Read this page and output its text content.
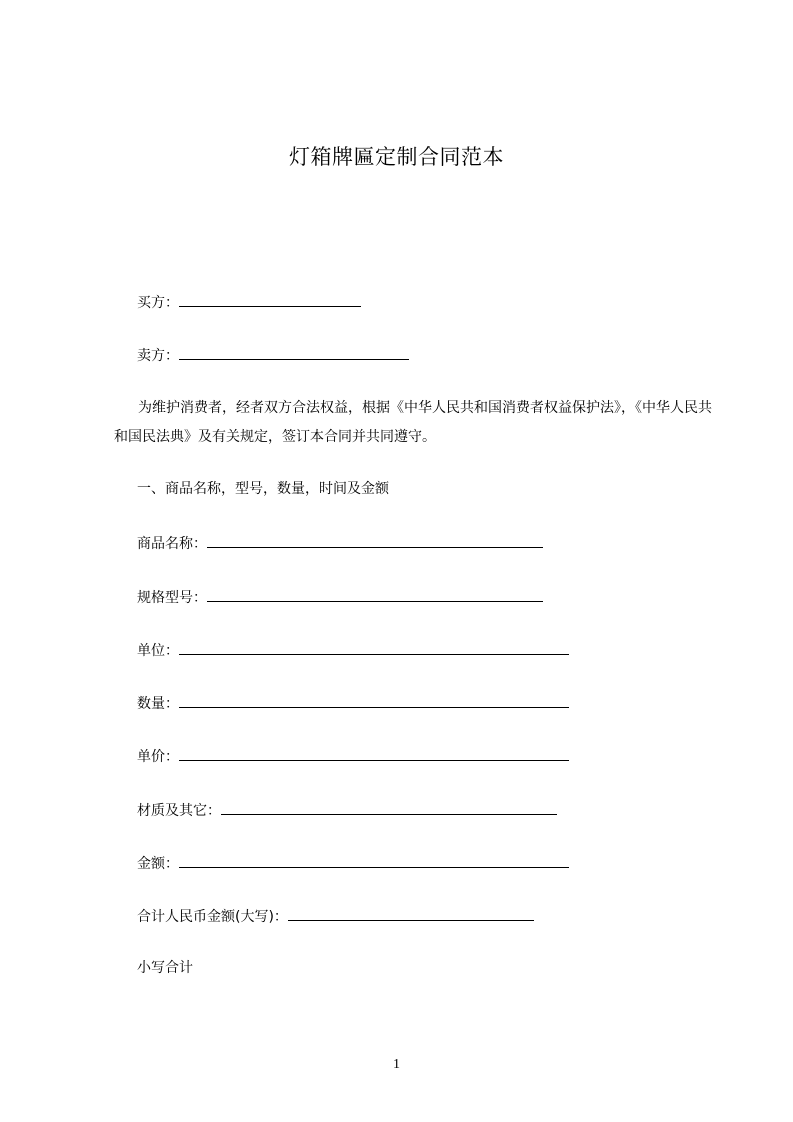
灯箱牌匾定制合同范本
买方：
卖方：
为维护消费者，经者双方合法权益，根据《中华人民共和国消费者权益保护法》，《中华人民共和国民法典》及有关规定，签订本合同并共同遵守。
一、商品名称，型号，数量，时间及金额
商品名称：
规格型号：
单位：
数量：
单价：
材质及其它：
金额：
合计人民币金额(大写)：
小写合计
1
